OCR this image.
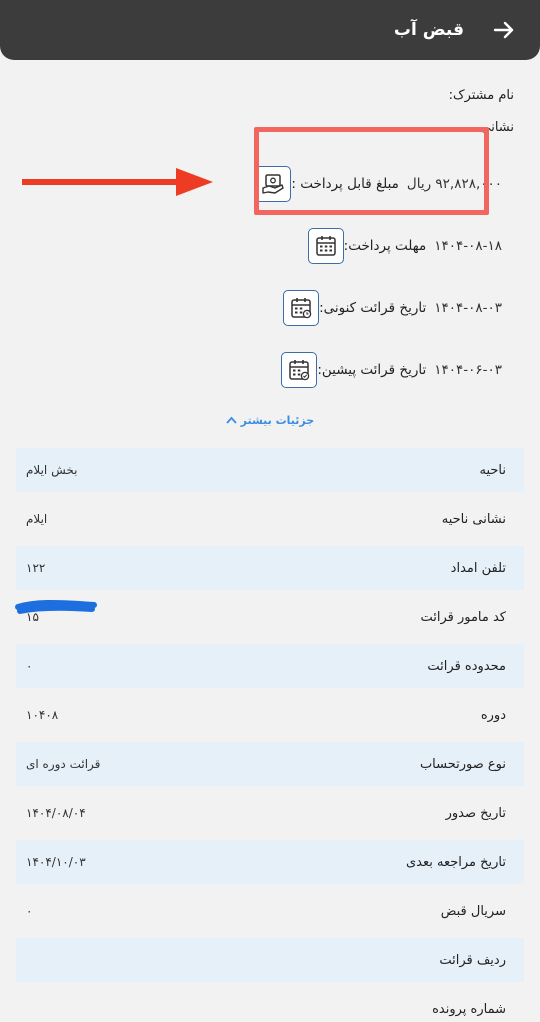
قبض آب
نام مشترک:
نشانی
مبلغ قابل پرداخت : ۹۲,۸۲۸,۰۰۰ ریال
مهلت پرداخت: ۱۴۰۴-۰۸-۱۸
تاریخ قرائت کنونی: ۱۴۰۴-۰۸-۰۳
تاریخ قرائت پیشین: ۱۴۰۴-۰۶-۰۳
جزئیات بیشتر
ناحیه
بخش ایلام
نشانی ناحیه
ایلام
تلفن امداد
۱۲۲
کد مامور قرائت
۱۵
محدوده قرائت
۰
دوره
۱۰۴۰۸
نوع صورتحساب
قرائت دوره ای
تاریخ صدور
۱۴۰۴/۰۸/۰۴
تاریخ مراجعه بعدی
۱۴۰۴/۱۰/۰۳
سریال قبض
۰
ردیف قرائت
شماره پرونده
